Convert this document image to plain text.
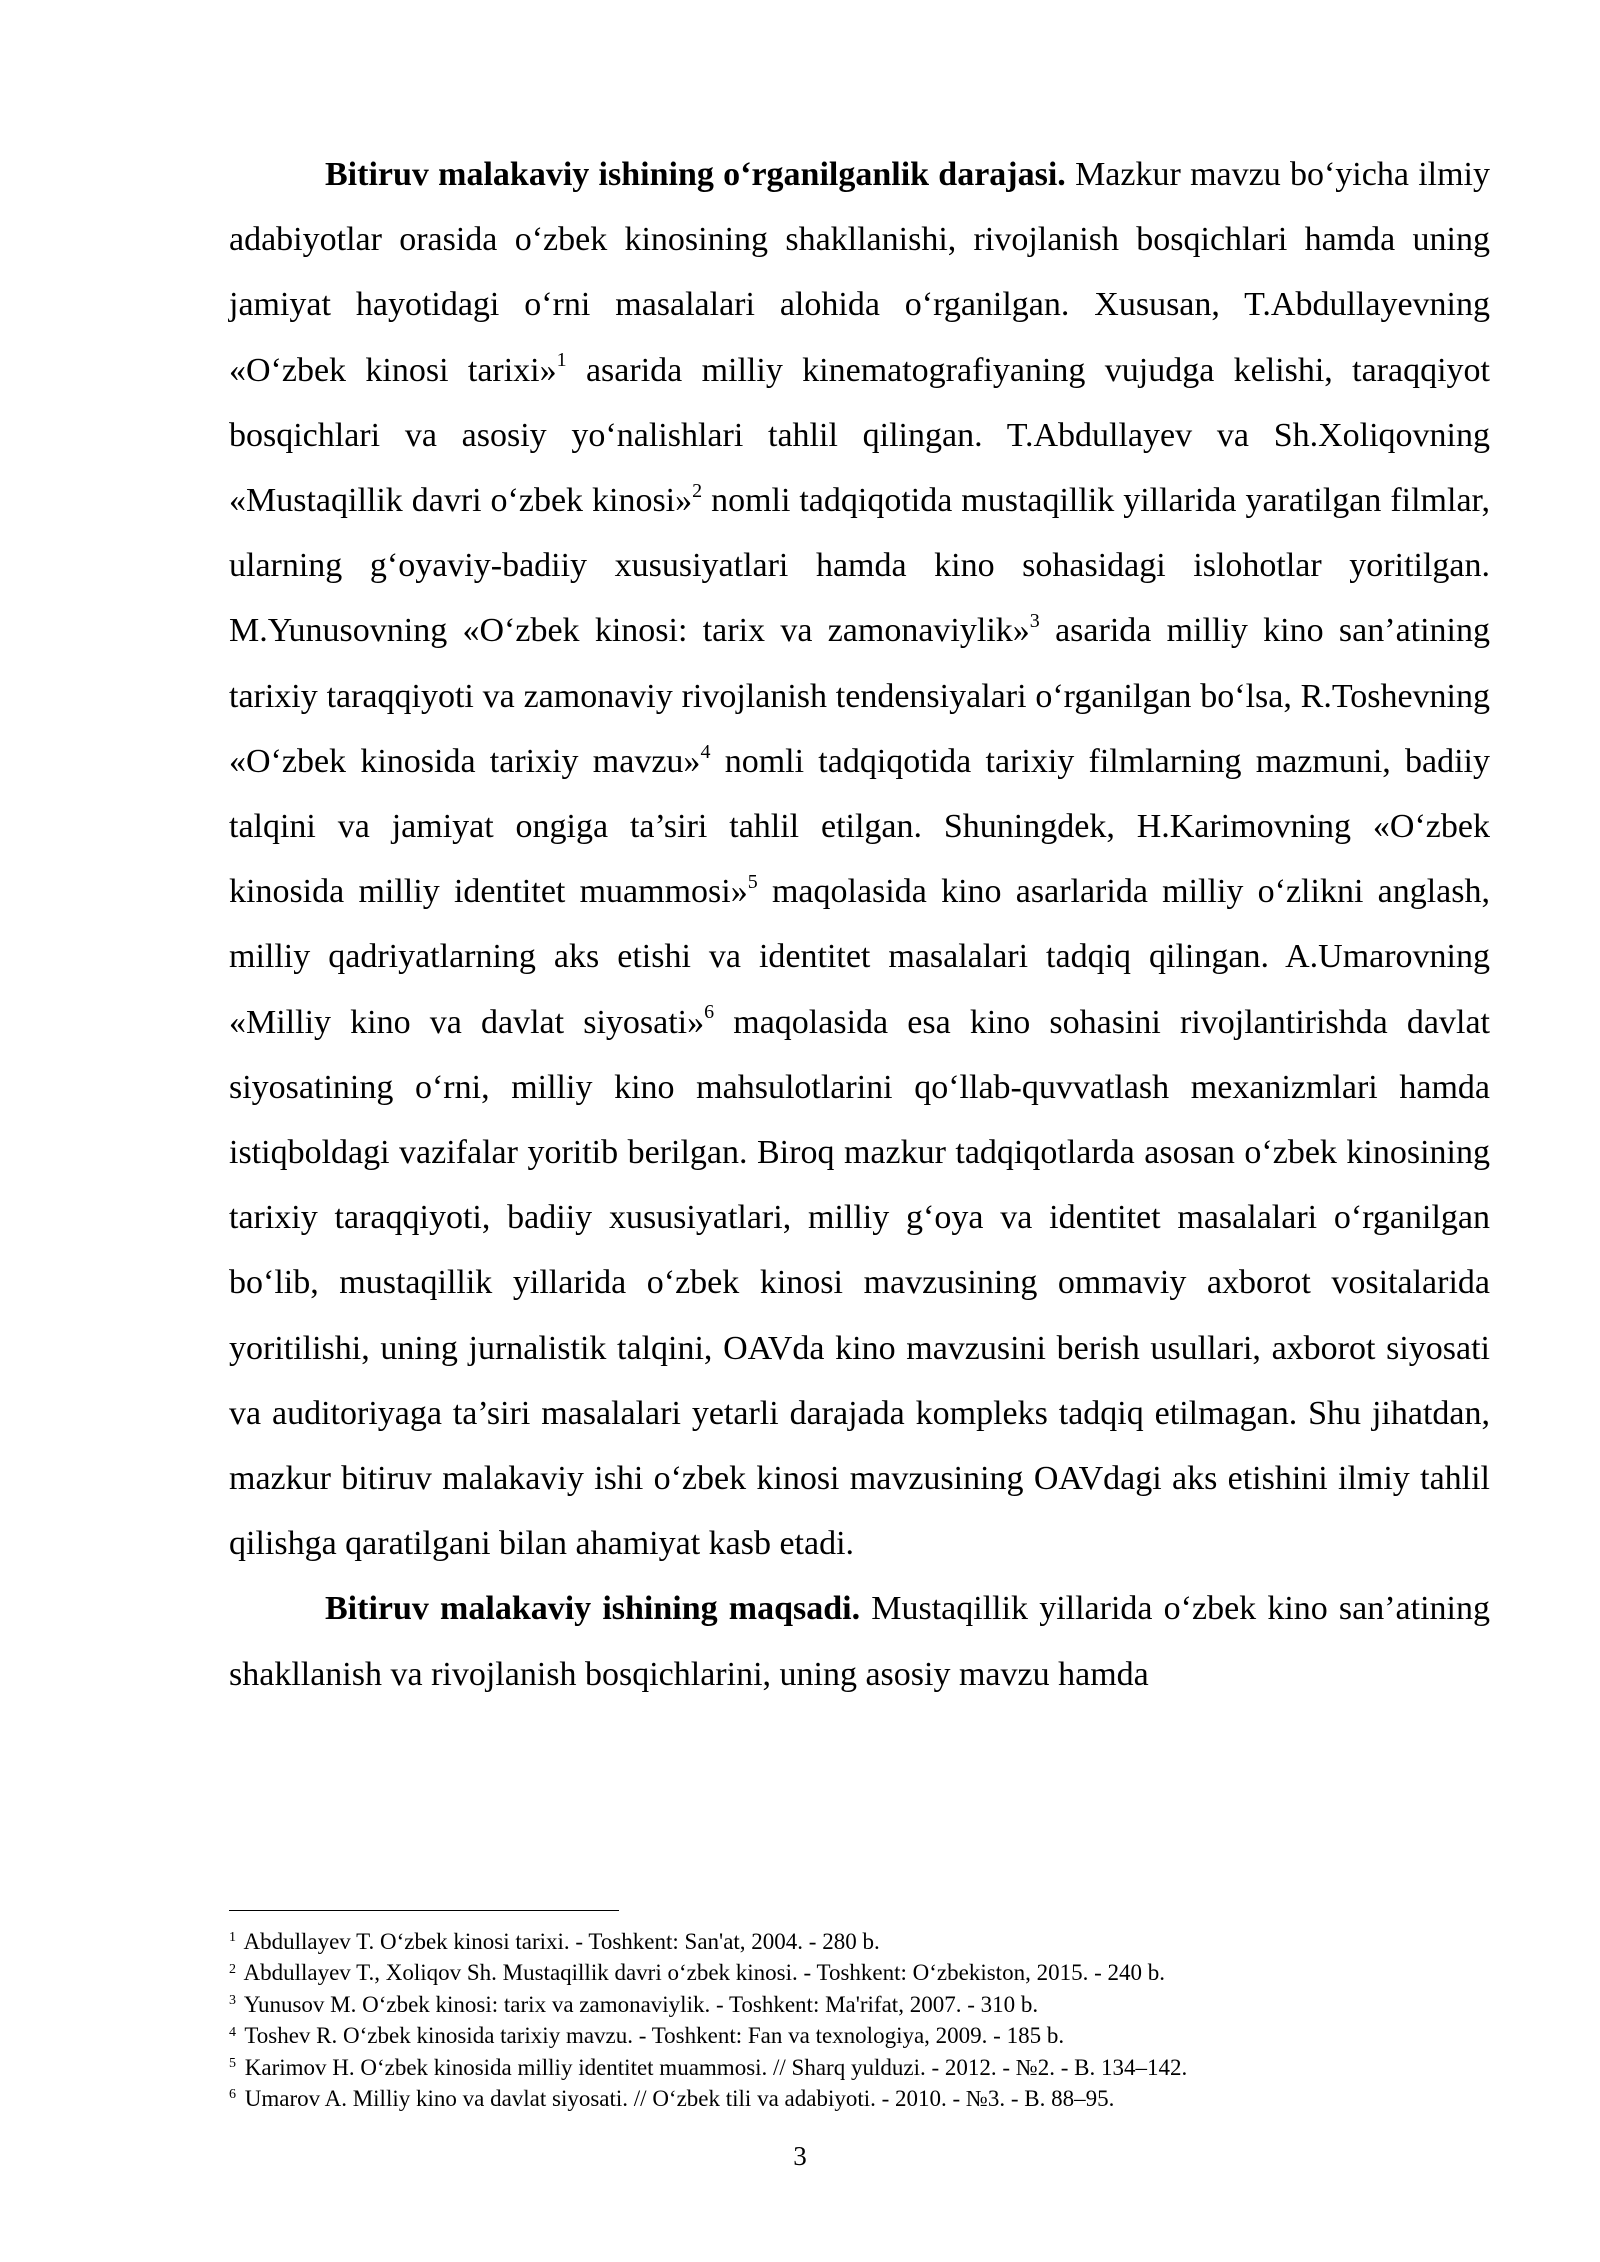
Bitiruv malakaviy ishining o‘rganilganlik darajasi. Mazkur mavzu bo‘yicha ilmiy adabiyotlar orasida o‘zbek kinosining shakllanishi, rivojlanish bosqichlari hamda uning jamiyat hayotidagi o‘rni masalalari alohida o‘rganilgan. Xususan, T.Abdullayevning «O‘zbek kinosi tarixi»$^1$ asarida milliy kinematografiyaning vujudga kelishi, taraqqiyot bosqichlari va asosiy yo‘nalishlari tahlil qilingan. T.Abdullayev va Sh.Xoliqovning «Mustaqillik davri o‘zbek kinosi»$^2$ nomli tadqiqotida mustaqillik yillarida yaratilgan filmlar, ularning g‘oyaviy-badiiy xususiyatlari hamda kino sohasidagi islohotlar yoritilgan. M.Yunusovning «O‘zbek kinosi: tarix va zamonaviylik»$^3$ asarida milliy kino san’atining tarixiy taraqqiyoti va zamonaviy rivojlanish tendensiyalari o‘rganilgan bo‘lsa, R.Toshevning «O‘zbek kinosida tarixiy mavzu»$^4$ nomli tadqiqotida tarixiy filmlarning mazmuni, badiiy talqini va jamiyat ongiga ta’siri tahlil etilgan. Shuningdek, H.Karimovning «O‘zbek kinosida milliy identitet muammosi»$^5$ maqolasida kino asarlarida milliy o‘zlikni anglash, milliy qadriyatlarning aks etishi va identitet masalalari tadqiq qilingan. A.Umarovning «Milliy kino va davlat siyosati»$^6$ maqolasida esa kino sohasini rivojlantirishda davlat siyosatining o‘rni, milliy kino mahsulotlarini qo‘llab-quvvatlash mexanizmlari hamda istiqboldagi vazifalar yoritib berilgan. Biroq mazkur tadqiqotlarda asosan o‘zbek kinosining tarixiy taraqqiyoti, badiiy xususiyatlari, milliy g‘oya va identitet masalalari o‘rganilgan bo‘lib, mustaqillik yillarida o‘zbek kinosi mavzusining ommaviy axborot vositalarida yoritilishi, uning jurnalistik talqini, OAVda kino mavzusini berish usullari, axborot siyosati va auditoriyaga ta’siri masalalari yetarli darajada kompleks tadqiq etilmagan. Shu jihatdan, mazkur bitiruv malakaviy ishi o‘zbek kinosi mavzusining OAVdagi aks etishini ilmiy tahlil qilishga qaratilgani bilan ahamiyat kasb etadi.

Bitiruv malakaviy ishining maqsadi. Mustaqillik yillarida o‘zbek kino san’atining shakllanish va rivojlanish bosqichlarini, uning asosiy mavzu hamda

$^1$ Abdullayev T. O‘zbek kinosi tarixi. - Toshkent: San'at, 2004. - 280 b.
$^2$ Abdullayev T., Xoliqov Sh. Mustaqillik davri o‘zbek kinosi. - Toshkent: O‘zbekiston, 2015. - 240 b.
$^3$ Yunusov M. O‘zbek kinosi: tarix va zamonaviylik. - Toshkent: Ma'rifat, 2007. - 310 b.
$^4$ Toshev R. O‘zbek kinosida tarixiy mavzu. - Toshkent: Fan va texnologiya, 2009. - 185 b.
$^5$ Karimov H. O‘zbek kinosida milliy identitet muammosi. // Sharq yulduzi. - 2012. - №2. - B. 134–142.
$^6$ Umarov A. Milliy kino va davlat siyosati. // O‘zbek tili va adabiyoti. - 2010. - №3. - B. 88–95.
3
